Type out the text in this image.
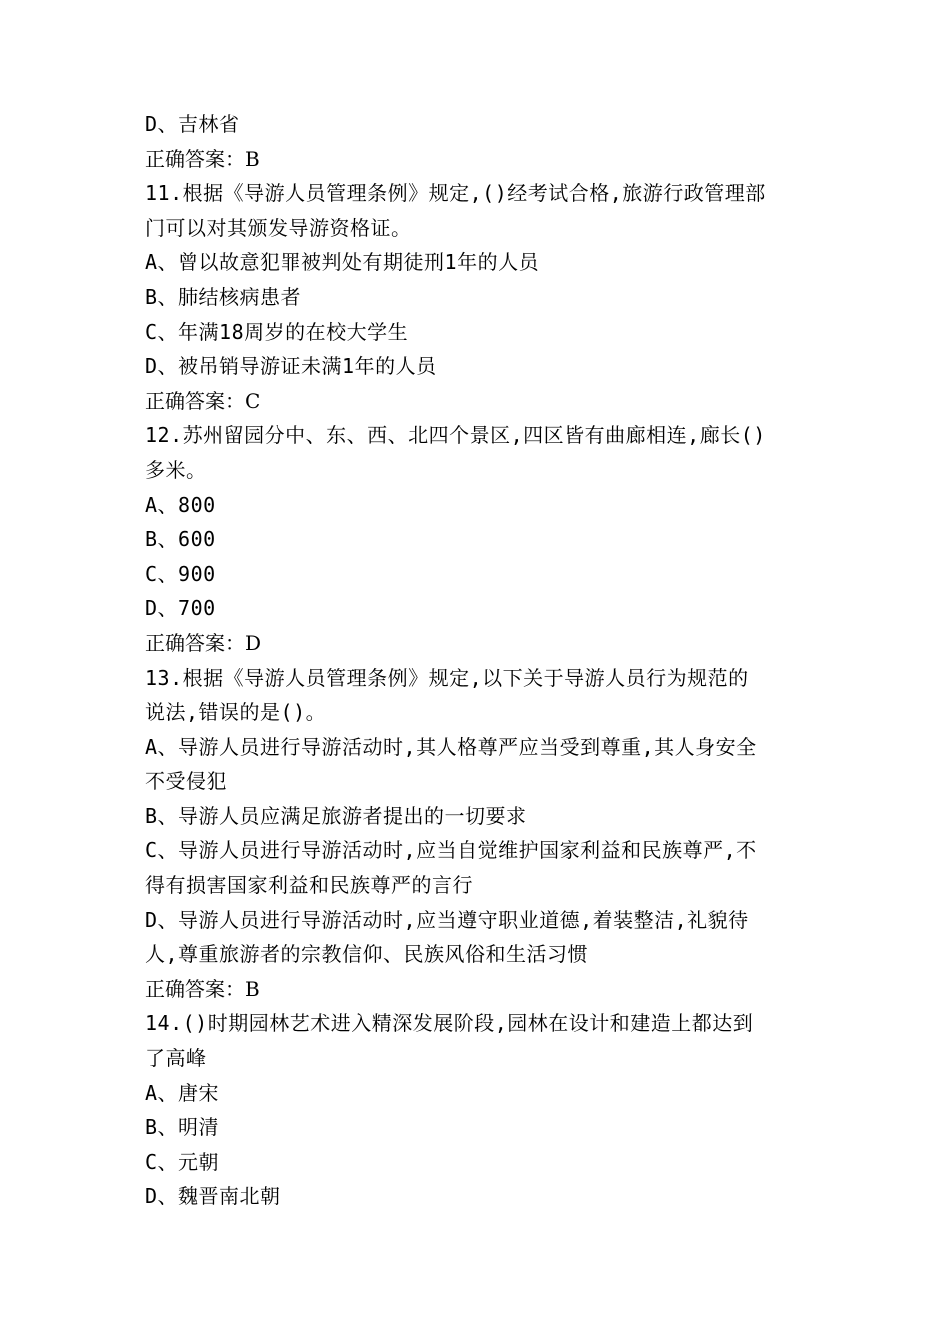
D、吉林省
正确答案：B
11.根据《导游人员管理条例》规定,()经考试合格,旅游行政管理部
门可以对其颁发导游资格证。
A、曾以故意犯罪被判处有期徒刑1年的人员
B、肺结核病患者
C、年满18周岁的在校大学生
D、被吊销导游证未满1年的人员
正确答案：C
12.苏州留园分中、东、西、北四个景区,四区皆有曲廊相连,廊长()
多米。
A、800
B、600
C、900
D、700
正确答案：D
13.根据《导游人员管理条例》规定,以下关于导游人员行为规范的
说法,错误的是()。
A、导游人员进行导游活动时,其人格尊严应当受到尊重,其人身安全
不受侵犯
B、导游人员应满足旅游者提出的一切要求
C、导游人员进行导游活动时,应当自觉维护国家利益和民族尊严,不
得有损害国家利益和民族尊严的言行
D、导游人员进行导游活动时,应当遵守职业道德,着装整洁,礼貌待
人,尊重旅游者的宗教信仰、民族风俗和生活习惯
正确答案：B
14.()时期园林艺术进入精深发展阶段,园林在设计和建造上都达到
了高峰
A、唐宋
B、明清
C、元朝
D、魏晋南北朝
